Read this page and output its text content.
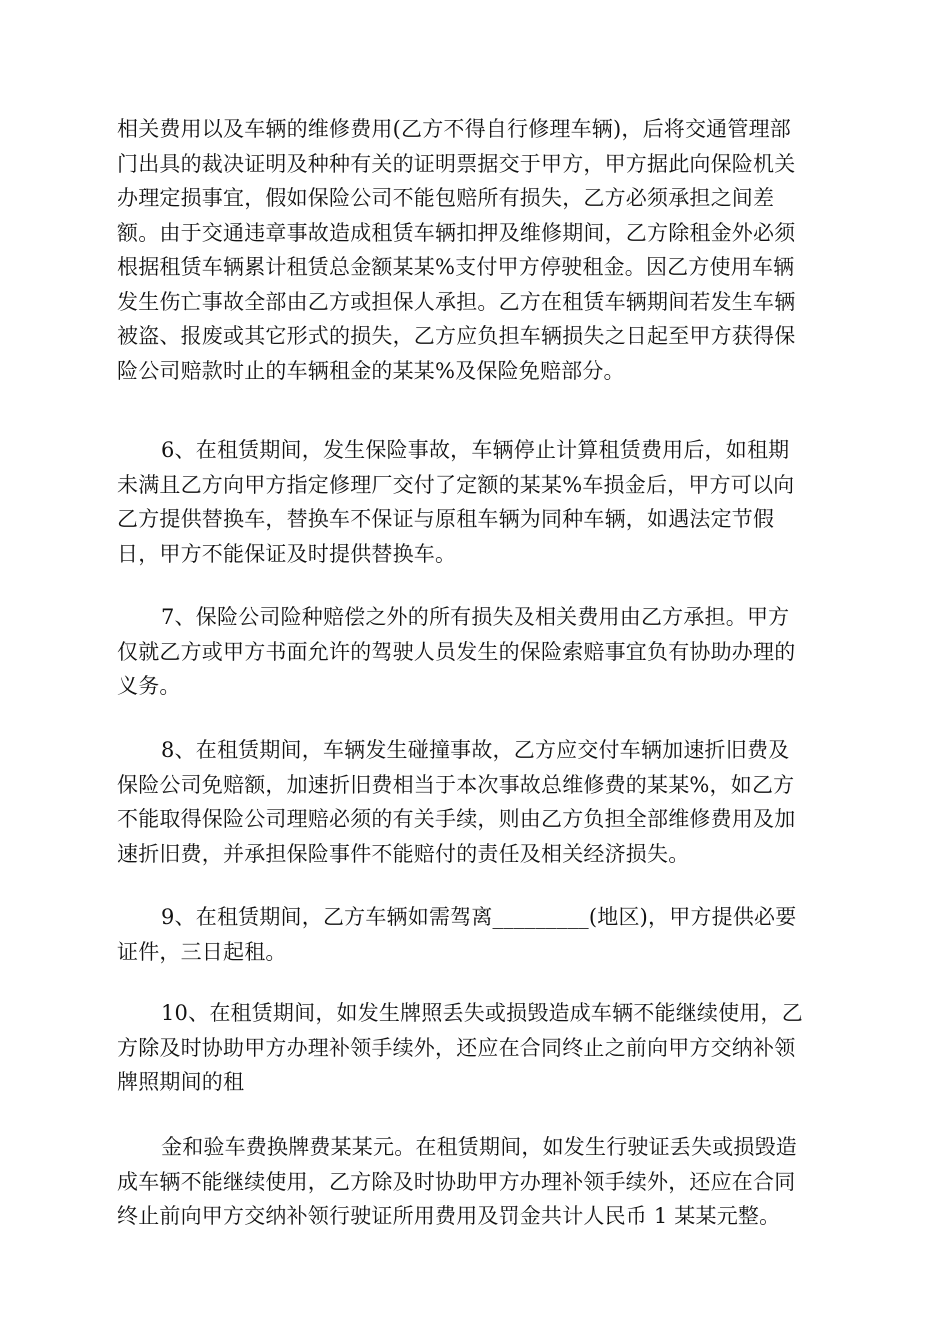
相关费用以及车辆的维修费用(乙方不得自行修理车辆)，后将交通管理部
门出具的裁决证明及种种有关的证明票据交于甲方，甲方据此向保险机关
办理定损事宜，假如保险公司不能包赔所有损失，乙方必须承担之间差
额。由于交通违章事故造成租赁车辆扣押及维修期间，乙方除租金外必须
根据租赁车辆累计租赁总金额某某%支付甲方停驶租金。因乙方使用车辆
发生伤亡事故全部由乙方或担保人承担。乙方在租赁车辆期间若发生车辆
被盗、报废或其它形式的损失，乙方应负担车辆损失之日起至甲方获得保
险公司赔款时止的车辆租金的某某%及保险免赔部分。
6、在租赁期间，发生保险事故，车辆停止计算租赁费用后，如租期
未满且乙方向甲方指定修理厂交付了定额的某某%车损金后，甲方可以向
乙方提供替换车，替换车不保证与原租车辆为同种车辆，如遇法定节假
日，甲方不能保证及时提供替换车。
7、保险公司险种赔偿之外的所有损失及相关费用由乙方承担。甲方
仅就乙方或甲方书面允许的驾驶人员发生的保险索赔事宜负有协助办理的
义务。
8、在租赁期间，车辆发生碰撞事故，乙方应交付车辆加速折旧费及
保险公司免赔额，加速折旧费相当于本次事故总维修费的某某%，如乙方
不能取得保险公司理赔必须的有关手续，则由乙方负担全部维修费用及加
速折旧费，并承担保险事件不能赔付的责任及相关经济损失。
9、在租赁期间，乙方车辆如需驾离_________(地区)，甲方提供必要
证件，三日起租。
10、在租赁期间，如发生牌照丢失或损毁造成车辆不能继续使用，乙
方除及时协助甲方办理补领手续外，还应在合同终止之前向甲方交纳补领
牌照期间的租
金和验车费换牌费某某元。在租赁期间，如发生行驶证丢失或损毁造
成车辆不能继续使用，乙方除及时协助甲方办理补领手续外，还应在合同
终止前向甲方交纳补领行驶证所用费用及罚金共计人民币 1 某某元整。
